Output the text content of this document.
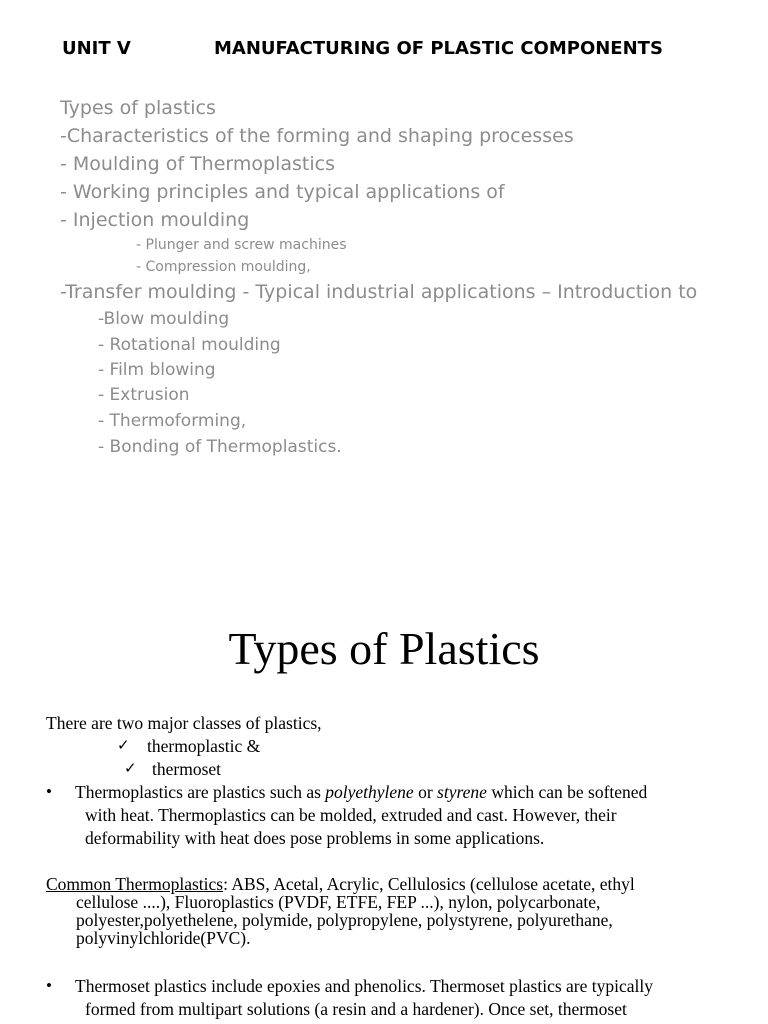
UNIT V	MANUFACTURING OF PLASTIC COMPONENTS
Types of plastics
-Characteristics of the forming and shaping processes
- Moulding of Thermoplastics
- Working principles and typical applications of
- Injection moulding
- Plunger and screw machines
- Compression moulding,
-Transfer moulding - Typical industrial applications – Introduction to
-Blow moulding
- Rotational moulding
- Film blowing
- Extrusion
- Thermoforming,
- Bonding of Thermoplastics.
Types of Plastics
There are two major classes of plastics,
✓ thermoplastic &
✓ thermoset
• Thermoplastics are plastics such as polyethylene or styrene which can be softened
with heat. Thermoplastics can be molded, extruded and cast. However, their
deformability with heat does pose problems in some applications.
Common Thermoplastics: ABS, Acetal, Acrylic, Cellulosics (cellulose acetate, ethyl
cellulose ....), Fluoroplastics (PVDF, ETFE, FEP ...), nylon, polycarbonate,
polyester,polyethelene, polymide, polypropylene, polystyrene, polyurethane,
polyvinylchloride(PVC).
• Thermoset plastics include epoxies and phenolics. Thermoset plastics are typically
formed from multipart solutions (a resin and a hardener). Once set, thermoset
